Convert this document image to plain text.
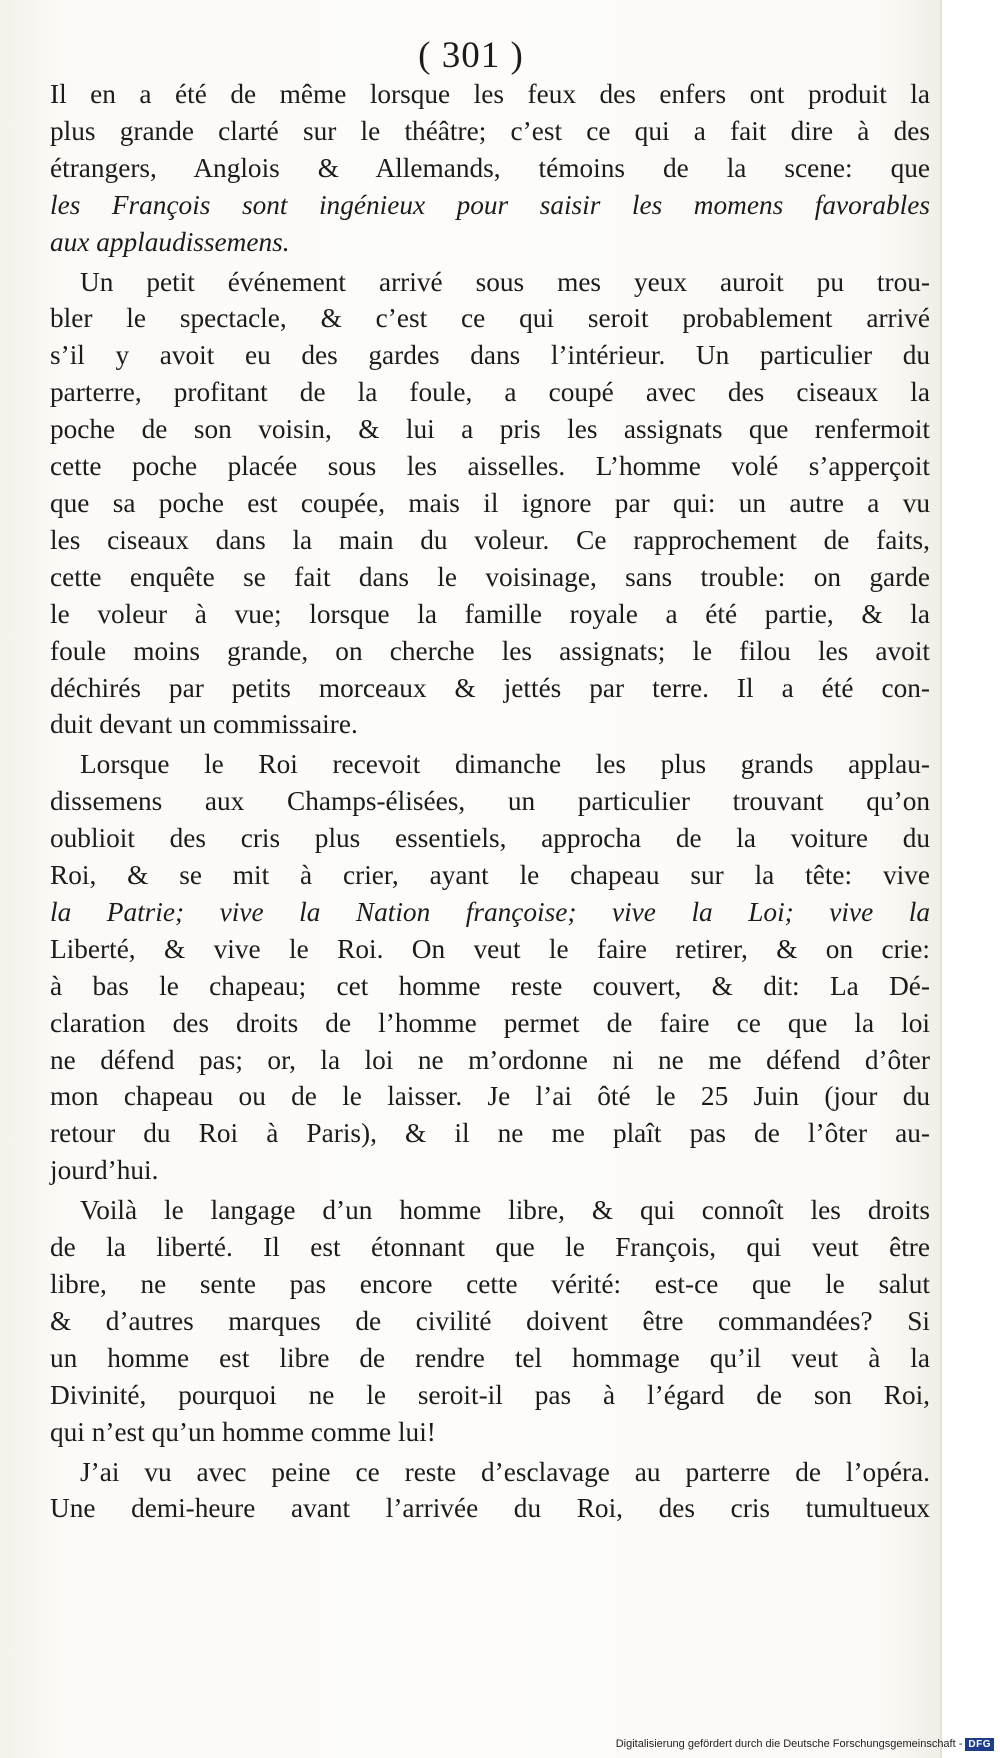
( 301 )
Il en a été de même lorsque les feux des enfers ont produit la
plus grande clarté sur le théâtre; c’est ce qui a fait dire à des
étrangers, Anglois & Allemands, témoins de la scene: que
les François sont ingénieux pour saisir les momens favorables
aux applaudissemens.
Un petit événement arrivé sous mes yeux auroit pu trou-
bler le spectacle, & c’est ce qui seroit probablement arrivé
s’il y avoit eu des gardes dans l’intérieur. Un particulier du
parterre, profitant de la foule, a coupé avec des ciseaux la
poche de son voisin, & lui a pris les assignats que renfermoit
cette poche placée sous les aisselles. L’homme volé s’apperçoit
que sa poche est coupée, mais il ignore par qui: un autre a vu
les ciseaux dans la main du voleur. Ce rapprochement de faits,
cette enquête se fait dans le voisinage, sans trouble: on garde
le voleur à vue; lorsque la famille royale a été partie, & la
foule moins grande, on cherche les assignats; le filou les avoit
déchirés par petits morceaux & jettés par terre. Il a été con-
duit devant un commissaire.
Lorsque le Roi recevoit dimanche les plus grands applau-
dissemens aux Champs-élisées, un particulier trouvant qu’on
oublioit des cris plus essentiels, approcha de la voiture du
Roi, & se mit à crier, ayant le chapeau sur la tête: vive
la Patrie; vive la Nation françoise; vive la Loi; vive la
Liberté, & vive le Roi. On veut le faire retirer, & on crie:
à bas le chapeau; cet homme reste couvert, & dit: La Dé-
claration des droits de l’homme permet de faire ce que la loi
ne défend pas; or, la loi ne m’ordonne ni ne me défend d’ôter
mon chapeau ou de le laisser. Je l’ai ôté le 25 Juin (jour du
retour du Roi à Paris), & il ne me plaît pas de l’ôter au-
jourd’hui.
Voilà le langage d’un homme libre, & qui connoît les droits
de la liberté. Il est étonnant que le François, qui veut être
libre, ne sente pas encore cette vérité: est-ce que le salut
& d’autres marques de civilité doivent être commandées? Si
un homme est libre de rendre tel hommage qu’il veut à la
Divinité, pourquoi ne le seroit-il pas à l’égard de son Roi,
qui n’est qu’un homme comme lui!
J’ai vu avec peine ce reste d’esclavage au parterre de l’opéra.
Une demi-heure avant l’arrivée du Roi, des cris tumultueux
Digitalisierung gefördert durch die Deutsche Forschungsgemeinschaft - DFG
